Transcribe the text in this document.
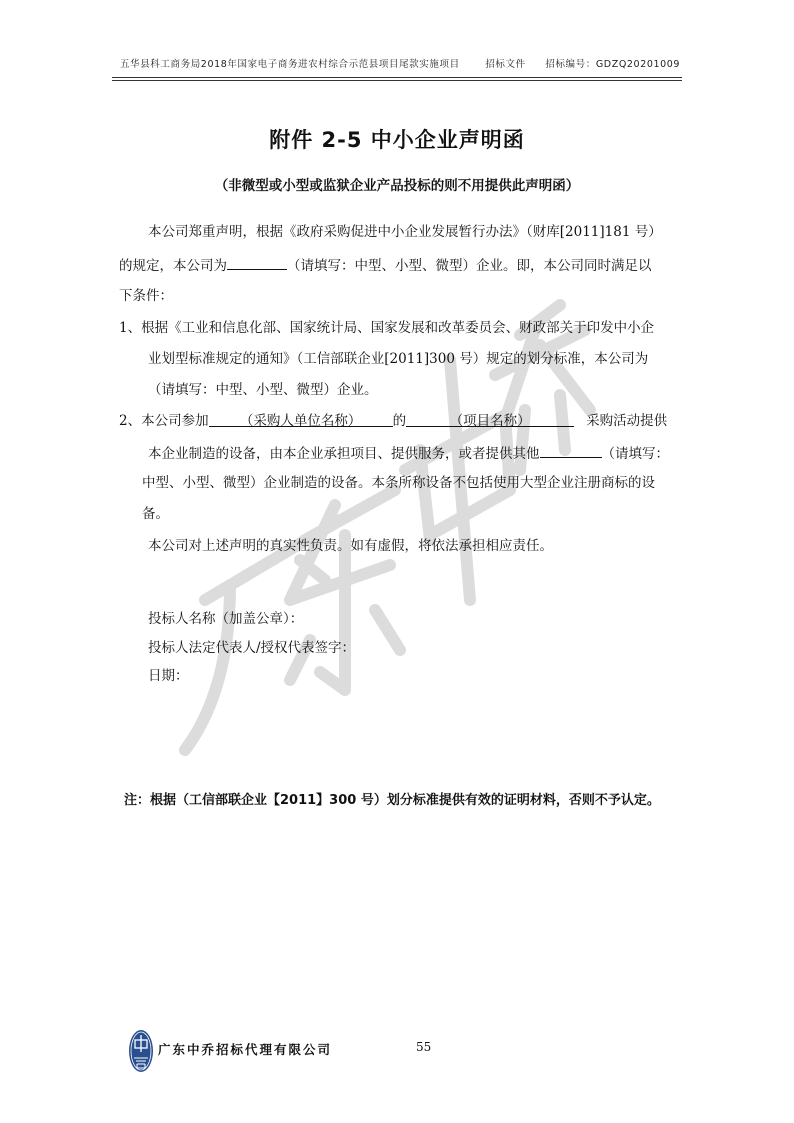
五华县科工商务局2018年国家电子商务进农村综合示范县项目尾款实施项目	招标文件 招标编号：GDZQ20201009
附件 2-5 中小企业声明函
（非微型或小型或监狱企业产品投标的则不用提供此声明函）
本公司郑重声明，根据《政府采购促进中小企业发展暂行办法》（财库[2011]181 号）
的规定，本公司为	（请填写：中型、小型、微型）企业。即，本公司同时满足以
下条件：
1、根据《工业和信息化部、国家统计局、国家发展和改革委员会、财政部关于印发中小企
业划型标准规定的通知》（工信部联企业[2011]300 号）规定的划分标准，本公司为
（请填写：中型、小型、微型）企业。
2、本公司参加 （采购人单位名称） 的	（项目名称）	采购活动提供
本企业制造的设备，由本企业承担项目、提供服务，或者提供其他	（请填写：
中型、小型、微型）企业制造的设备。本条所称设备不包括使用大型企业注册商标的设
备。
本公司对上述声明的真实性负责。如有虚假，将依法承担相应责任。
投标人名称（加盖公章）：
投标人法定代表人/授权代表签字：
日期：
注：根据（工信部联企业【2011】300 号）划分标准提供有效的证明材料，否则不予认定。
广东中乔招标代理有限公司	55
